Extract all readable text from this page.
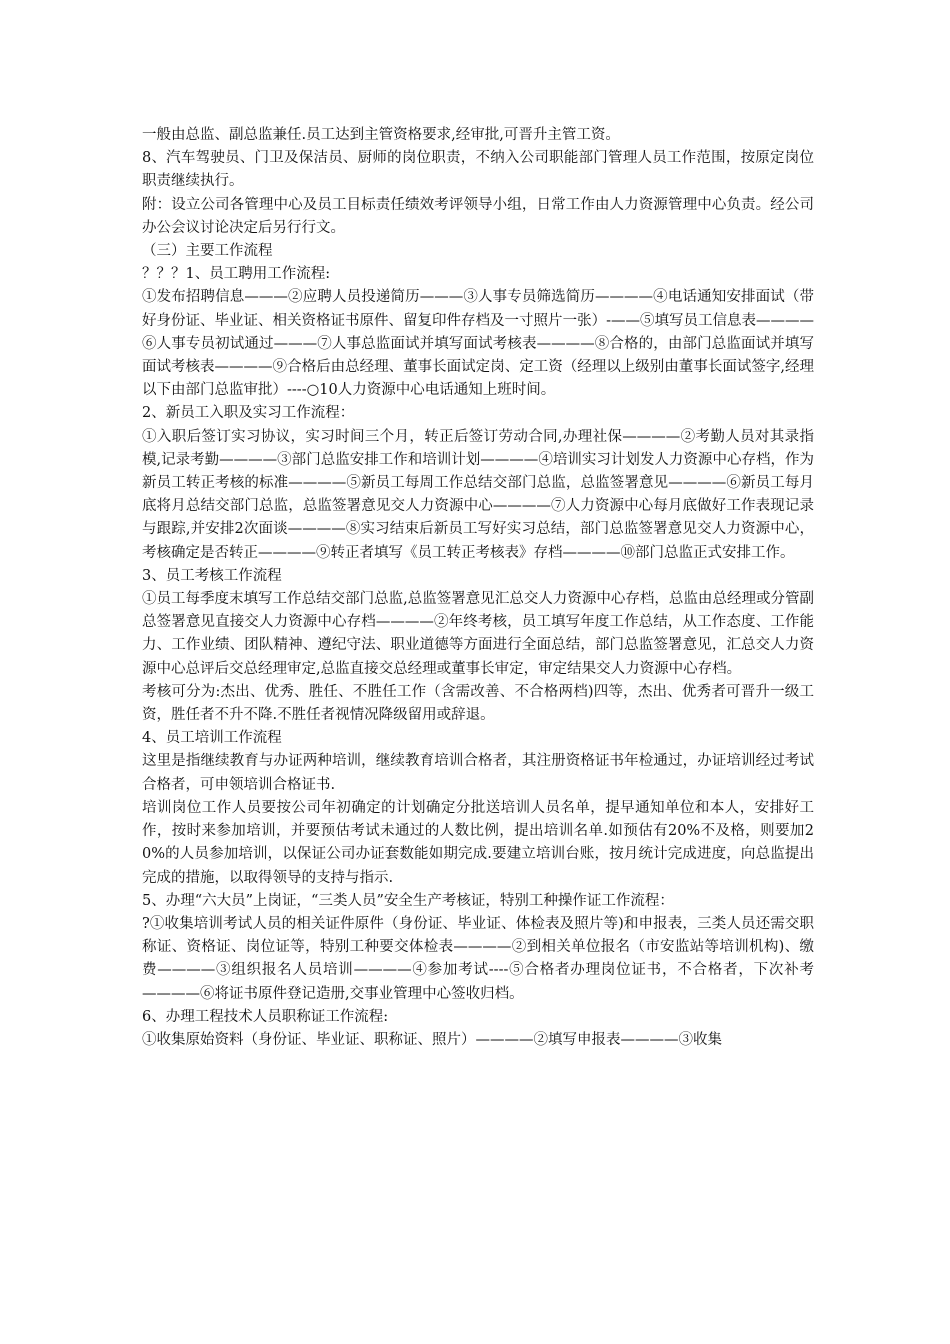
一般由总监、副总监兼任.员工达到主管资格要求,经审批,可晋升主管工资。

8、汽车驾驶员、门卫及保洁员、厨师的岗位职责，不纳入公司职能部门管理人员工作范围，按原定岗位职责继续执行。

附：设立公司各管理中心及员工目标责任绩效考评领导小组，日常工作由人力资源管理中心负责。经公司办公会议讨论决定后另行行文。

（三）主要工作流程

？？？1、员工聘用工作流程:

①发布招聘信息———②应聘人员投递简历———③人事专员筛选简历————④电话通知安排面试（带好身份证、毕业证、相关资格证书原件、留复印件存档及一寸照片一张）-——⑤填写员工信息表————⑥人事专员初试通过———⑦人事总监面试并填写面试考核表————⑧合格的，由部门总监面试并填写面试考核表————⑨合格后由总经理、董事长面试定岗、定工资（经理以上级别由董事长面试签字,经理以下由部门总监审批）----○10人力资源中心电话通知上班时间。

2、新员工入职及实习工作流程：

①入职后签订实习协议，实习时间三个月，转正后签订劳动合同,办理社保————②考勤人员对其录指模,记录考勤————③部门总监安排工作和培训计划————④培训实习计划发人力资源中心存档，作为新员工转正考核的标准————⑤新员工每周工作总结交部门总监，总监签署意见————⑥新员工每月底将月总结交部门总监，总监签署意见交人力资源中心————⑦人力资源中心每月底做好工作表现记录与跟踪,并安排2次面谈————⑧实习结束后新员工写好实习总结，部门总监签署意见交人力资源中心，考核确定是否转正————⑨转正者填写《员工转正考核表》存档————⑩部门总监正式安排工作。

3、员工考核工作流程

①员工每季度末填写工作总结交部门总监,总监签署意见汇总交人力资源中心存档，总监由总经理或分管副总签署意见直接交人力资源中心存档————②年终考核，员工填写年度工作总结，从工作态度、工作能力、工作业绩、团队精神、遵纪守法、职业道德等方面进行全面总结，部门总监签署意见，汇总交人力资源中心总评后交总经理审定,总监直接交总经理或董事长审定，审定结果交人力资源中心存档。

考核可分为:杰出、优秀、胜任、不胜任工作（含需改善、不合格两档)四等，杰出、优秀者可晋升一级工资，胜任者不升不降.不胜任者视情况降级留用或辞退。

4、员工培训工作流程

这里是指继续教育与办证两种培训，继续教育培训合格者，其注册资格证书年检通过，办证培训经过考试合格者，可申领培训合格证书.

培训岗位工作人员要按公司年初确定的计划确定分批送培训人员名单，提早通知单位和本人，安排好工作，按时来参加培训，并要预估考试未通过的人数比例，提出培训名单.如预估有20%不及格，则要加20%的人员参加培训，以保证公司办证套数能如期完成.要建立培训台账，按月统计完成进度，向总监提出完成的措施，以取得领导的支持与指示.

5、办理“六大员”上岗证，“三类人员”安全生产考核证，特别工种操作证工作流程：

?①收集培训考试人员的相关证件原件（身份证、毕业证、体检表及照片等)和申报表，三类人员还需交职称证、资格证、岗位证等，特别工种要交体检表————②到相关单位报名（市安监站等培训机构)、缴费————③组织报名人员培训————④参加考试----⑤合格者办理岗位证书，不合格者，下次补考————⑥将证书原件登记造册,交事业管理中心签收归档。

6、办理工程技术人员职称证工作流程:

①收集原始资料（身份证、毕业证、职称证、照片）————②填写申报表————③收集
